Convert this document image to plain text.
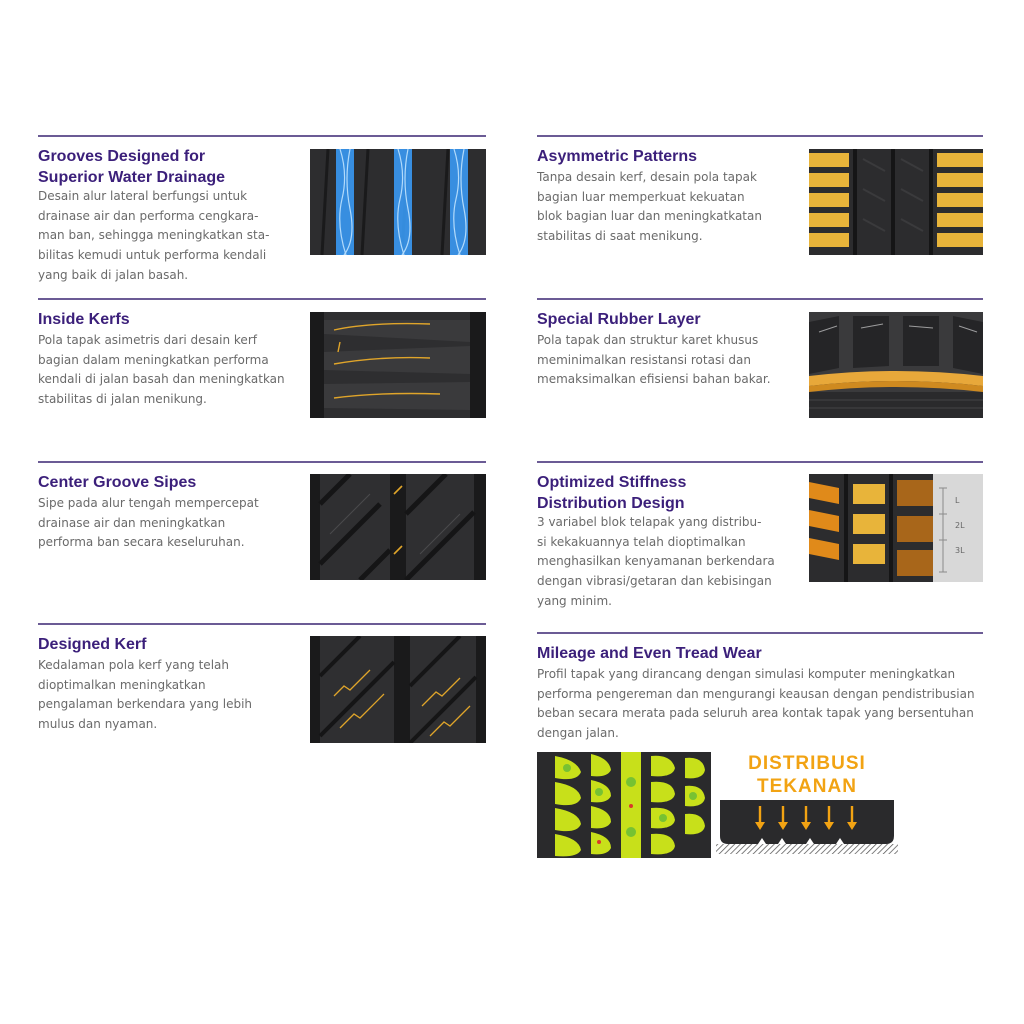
Grooves Designed for
Superior Water Drainage

Desain alur lateral berfungsi untuk
drainase air dan performa cengkara-
man ban, sehingga meningkatkan sta-
bilitas kemudi untuk performa kendali
yang baik di jalan basah.

Asymmetric Patterns

Tanpa desain kerf, desain pola tapak
bagian luar memperkuat kekuatan
blok bagian luar dan meningkatkatan
stabilitas di saat menikung.

Inside Kerfs

Pola tapak asimetris dari desain kerf
bagian dalam meningkatkan performa
kendali di jalan basah dan meningkatkan
stabilitas di jalan menikung.

Special Rubber Layer

Pola tapak dan struktur karet khusus
meminimalkan resistansi rotasi dan
memaksimalkan efisiensi bahan bakar.

Center Groove Sipes

Sipe pada alur tengah mempercepat
drainase air dan meningkatkan
performa ban secara keseluruhan.

Optimized Stiffness
Distribution Design

3 variabel blok telapak yang distribu-
si kekakuannya telah dioptimalkan
menghasilkan kenyamanan berkendara
dengan vibrasi/getaran dan kebisingan
yang minim.

L
2L
3L
Designed Kerf

Kedalaman pola kerf yang telah
dioptimalkan meningkatkan
pengalaman berkendara yang lebih
mulus dan nyaman.

Mileage and Even Tread Wear

Profil tapak yang dirancang dengan simulasi komputer meningkatkan
performa pengereman dan mengurangi keausan dengan pendistribusian
beban secara merata pada seluruh area kontak tapak yang bersentuhan
dengan jalan.

DISTRIBUSI
TEKANAN
